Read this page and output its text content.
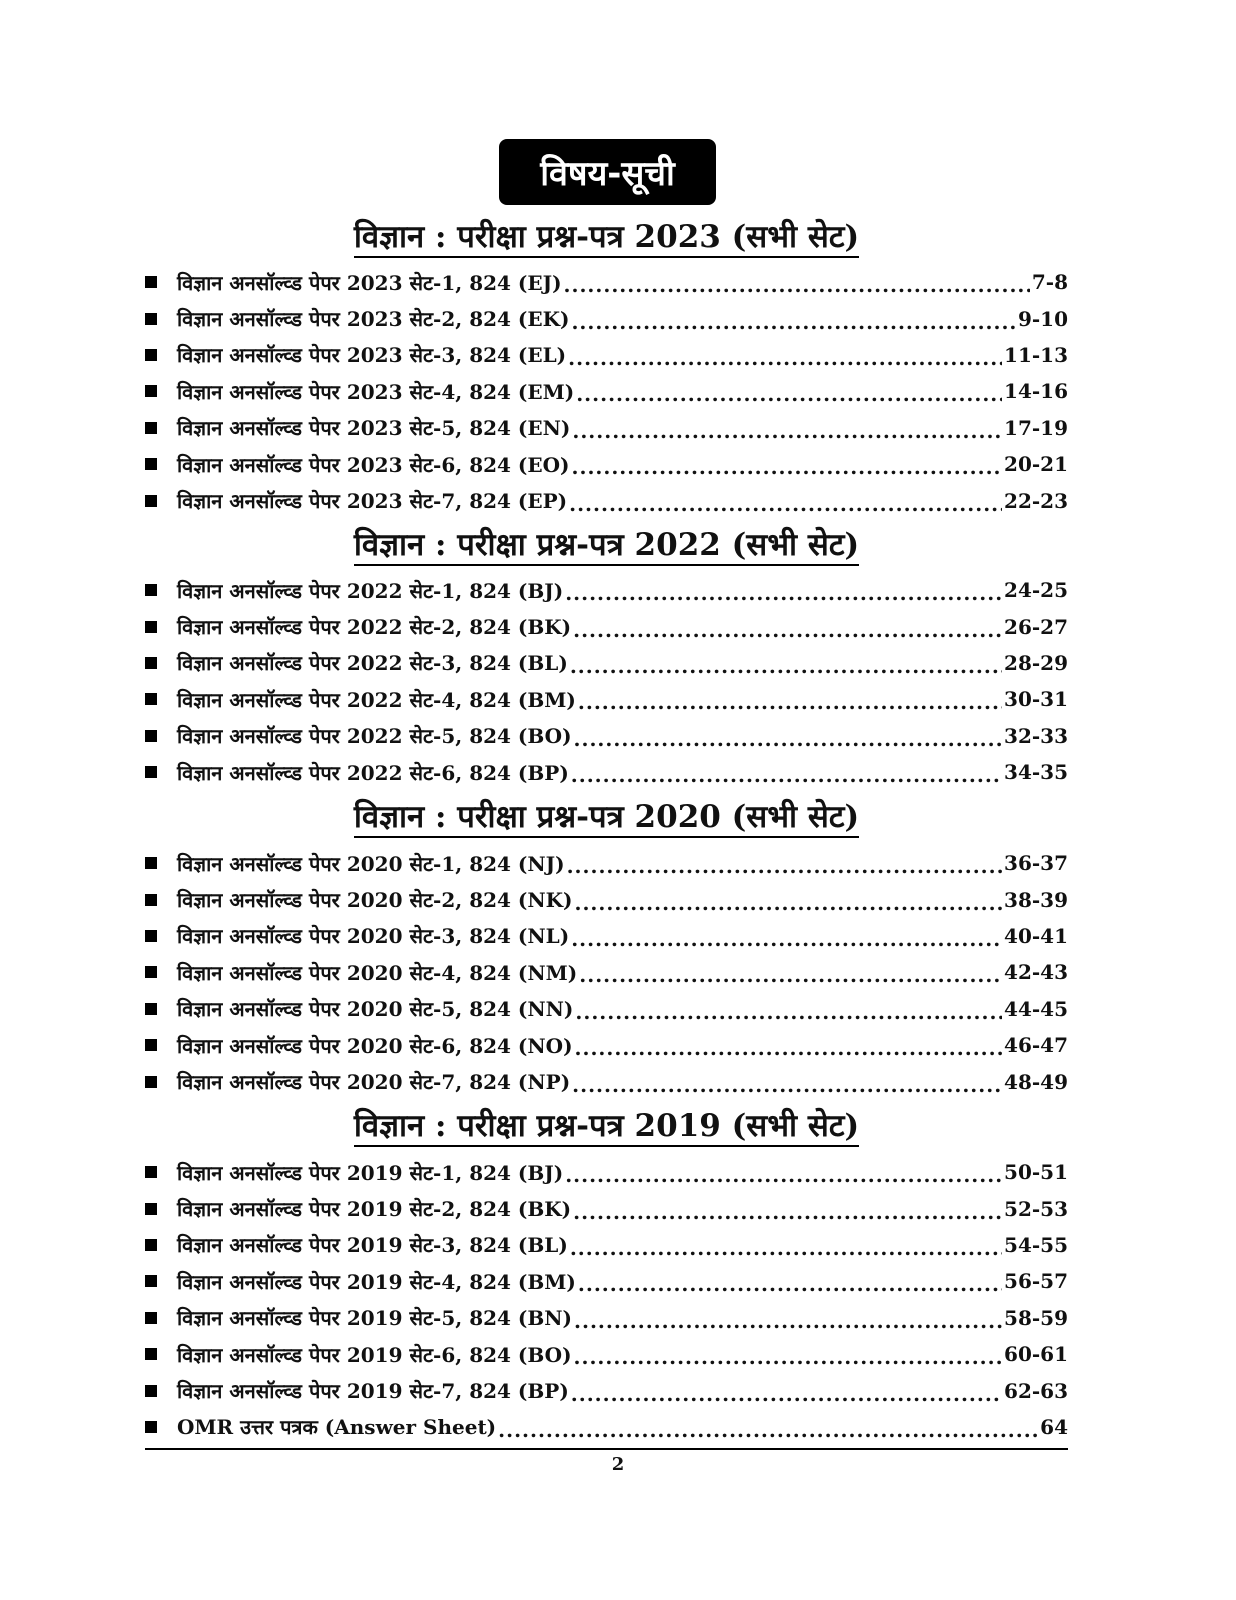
विषय-सूची
विज्ञान : परीक्षा प्रश्न-पत्र 2023 (सभी सेट)
विज्ञान अनसॉल्व्ड पेपर 2023 सेट-1, 824 (EJ) .....	7-8
विज्ञान अनसॉल्व्ड पेपर 2023 सेट-2, 824 (EK) .....	9-10
विज्ञान अनसॉल्व्ड पेपर 2023 सेट-3, 824 (EL) .....	11-13
विज्ञान अनसॉल्व्ड पेपर 2023 सेट-4, 824 (EM) .....	14-16
विज्ञान अनसॉल्व्ड पेपर 2023 सेट-5, 824 (EN) .....	17-19
विज्ञान अनसॉल्व्ड पेपर 2023 सेट-6, 824 (EO) .....	20-21
विज्ञान अनसॉल्व्ड पेपर 2023 सेट-7, 824 (EP) .....	22-23
विज्ञान : परीक्षा प्रश्न-पत्र 2022 (सभी सेट)
विज्ञान अनसॉल्व्ड पेपर 2022 सेट-1, 824 (BJ) .....	24-25
विज्ञान अनसॉल्व्ड पेपर 2022 सेट-2, 824 (BK) .....	26-27
विज्ञान अनसॉल्व्ड पेपर 2022 सेट-3, 824 (BL) .....	28-29
विज्ञान अनसॉल्व्ड पेपर 2022 सेट-4, 824 (BM) .....	30-31
विज्ञान अनसॉल्व्ड पेपर 2022 सेट-5, 824 (BO) .....	32-33
विज्ञान अनसॉल्व्ड पेपर 2022 सेट-6, 824 (BP) .....	34-35
विज्ञान : परीक्षा प्रश्न-पत्र 2020 (सभी सेट)
विज्ञान अनसॉल्व्ड पेपर 2020 सेट-1, 824 (NJ) .....	36-37
विज्ञान अनसॉल्व्ड पेपर 2020 सेट-2, 824 (NK) .....	38-39
विज्ञान अनसॉल्व्ड पेपर 2020 सेट-3, 824 (NL) .....	40-41
विज्ञान अनसॉल्व्ड पेपर 2020 सेट-4, 824 (NM) .....	42-43
विज्ञान अनसॉल्व्ड पेपर 2020 सेट-5, 824 (NN) .....	44-45
विज्ञान अनसॉल्व्ड पेपर 2020 सेट-6, 824 (NO) .....	46-47
विज्ञान अनसॉल्व्ड पेपर 2020 सेट-7, 824 (NP) .....	48-49
विज्ञान : परीक्षा प्रश्न-पत्र 2019 (सभी सेट)
विज्ञान अनसॉल्व्ड पेपर 2019 सेट-1, 824 (BJ) .....	50-51
विज्ञान अनसॉल्व्ड पेपर 2019 सेट-2, 824 (BK) .....	52-53
विज्ञान अनसॉल्व्ड पेपर 2019 सेट-3, 824 (BL) .....	54-55
विज्ञान अनसॉल्व्ड पेपर 2019 सेट-4, 824 (BM) .....	56-57
विज्ञान अनसॉल्व्ड पेपर 2019 सेट-5, 824 (BN) .....	58-59
विज्ञान अनसॉल्व्ड पेपर 2019 सेट-6, 824 (BO) .....	60-61
विज्ञान अनसॉल्व्ड पेपर 2019 सेट-7, 824 (BP) .....	62-63
OMR उत्तर पत्रक (Answer Sheet) .....	64
2
